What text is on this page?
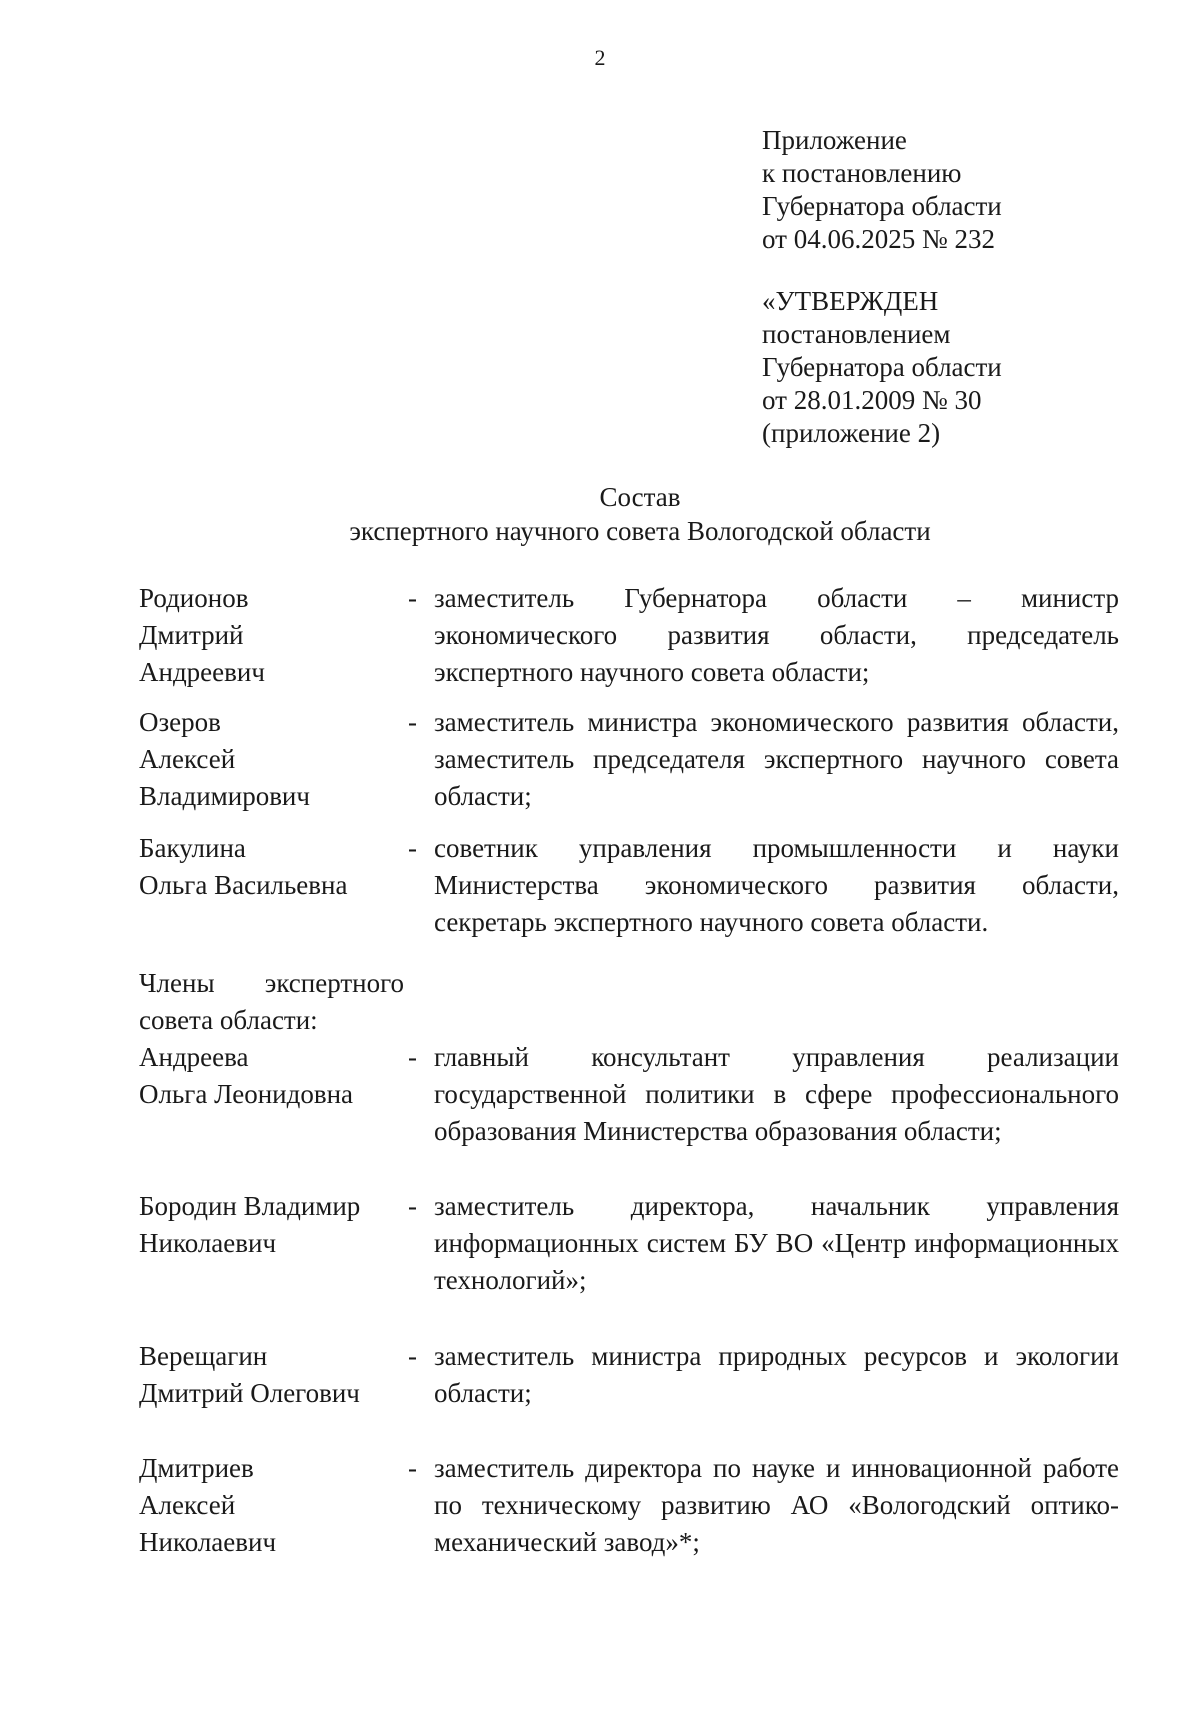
2
Приложение
к постановлению
Губернатора области
от 04.06.2025 № 232
«УТВЕРЖДЕН
постановлением
Губернатора области
от 28.01.2009 № 30
(приложение 2)
Состав
экспертного научного совета Вологодской области
Родионов
Дмитрий
Андреевич
- заместитель Губернатора области – министр экономического развития области, председатель экспертного научного совета области;
Озеров
Алексей
Владимирович
- заместитель министра экономического развития области, заместитель председателя экспертного научного совета области;
Бакулина
Ольга Васильевна
- советник управления промышленности и науки Министерства экономического развития области, секретарь экспертного научного совета области.
Члены экспертного совета области:
Андреева
Ольга Леонидовна
- главный консультант управления реализации государственной политики в сфере профессионального образования Министерства образования области;
Бородин Владимир
Николаевич
- заместитель директора, начальник управления информационных систем БУ ВО «Центр информационных технологий»;
Верещагин
Дмитрий Олегович
- заместитель министра природных ресурсов и экологии области;
Дмитриев
Алексей
Николаевич
- заместитель директора по науке и инновационной работе по техническому развитию АО «Вологодский оптико-механический завод»*;
